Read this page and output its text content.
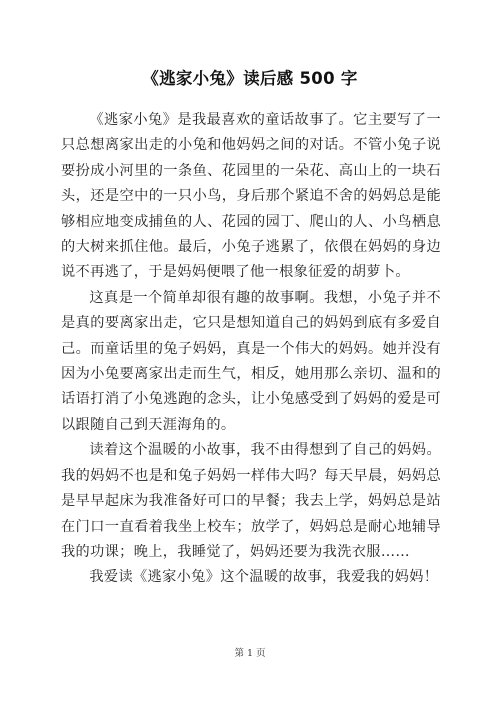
《逃家小兔》读后感 500 字

《逃家小兔》是我最喜欢的童话故事了。它主要写了一只总想离家出走的小兔和他妈妈之间的对话。不管小兔子说要扮成小河里的一条鱼、花园里的一朵花、高山上的一块石头，还是空中的一只小鸟，身后那个紧追不舍的妈妈总是能够相应地变成捕鱼的人、花园的园丁、爬山的人、小鸟栖息的大树来抓住他。最后，小兔子逃累了，依偎在妈妈的身边说不再逃了，于是妈妈便喂了他一根象征爱的胡萝卜。

这真是一个简单却很有趣的故事啊。我想，小兔子并不是真的要离家出走，它只是想知道自己的妈妈到底有多爱自己。而童话里的兔子妈妈，真是一个伟大的妈妈。她并没有因为小兔要离家出走而生气，相反，她用那么亲切、温和的话语打消了小兔逃跑的念头，让小兔感受到了妈妈的爱是可以跟随自己到天涯海角的。

读着这个温暖的小故事，我不由得想到了自己的妈妈。我的妈妈不也是和兔子妈妈一样伟大吗？每天早晨，妈妈总是早早起床为我准备好可口的早餐；我去上学，妈妈总是站在门口一直看着我坐上校车；放学了，妈妈总是耐心地辅导我的功课；晚上，我睡觉了，妈妈还要为我洗衣服……

我爱读《逃家小兔》这个温暖的故事，我爱我的妈妈！

第 1 页
